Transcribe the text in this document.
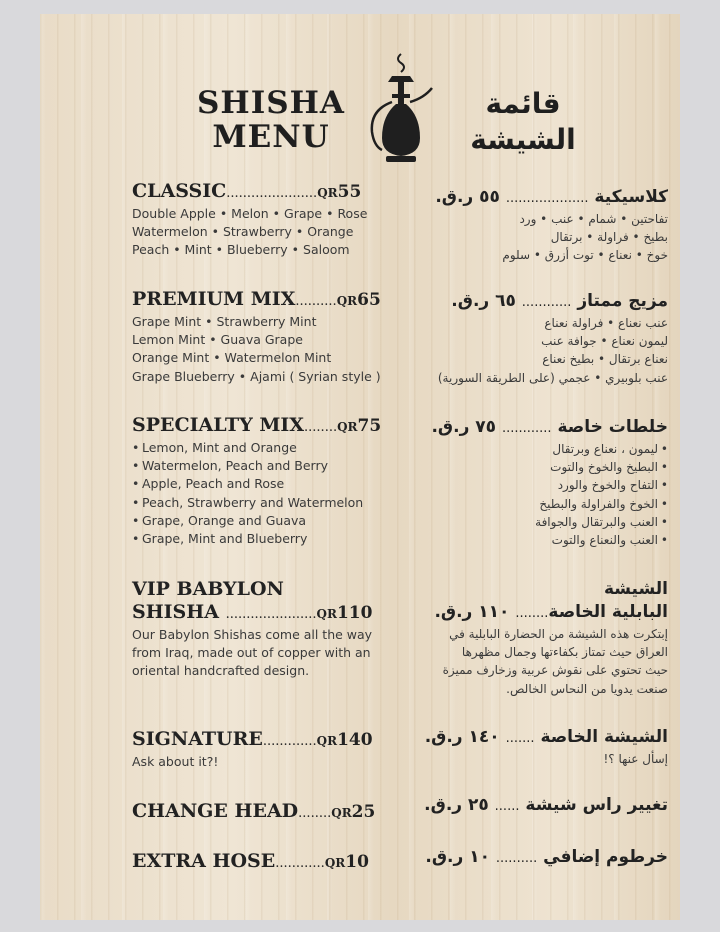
SHISHA
MENU
قائمة
الشيشة
CLASSIC......................QR55
Double Apple • Melon • Grape • Rose
Watermelon • Strawberry • Orange
Peach • Mint • Blueberry • Saloom
كلاسيكية .................... ٥٥ ر.ق.
تفاحتين • شمام • عنب • ورد
بطيخ • فراولة • برتقال
خوخ • نعناع • توت أزرق • سلوم
PREMIUM MIX..........QR65
Grape Mint • Strawberry Mint
Lemon Mint • Guava Grape
Orange Mint • Watermelon Mint
Grape Blueberry • Ajami ( Syrian style )
مزيج ممتاز ............ ٦٥ ر.ق.
عنب نعناع • فراولة نعناع
ليمون نعناع • جوافة عنب
نعناع برتقال • بطيخ نعناع
عنب بلوبيري • عجمي (على الطريقة السورية)
SPECIALTY MIX........QR75
• Lemon, Mint and Orange
• Watermelon, Peach and Berry
• Apple, Peach and Rose
• Peach, Strawberry and Watermelon
• Grape, Orange and Guava
• Grape, Mint and Blueberry
خلطات خاصة ............ ٧٥ ر.ق.
•ليمون ، نعناع وبرتقال
•البطيخ والخوخ والتوت
•التفاح والخوخ والورد
•الخوخ والفراولة والبطيخ
•العنب والبرتقال والجوافة
•العنب والنعناع والتوت
VIP BABYLON
SHISHA ......................QR110
Our Babylon Shishas come all the way
from Iraq, made out of copper with an
oriental handcrafted design.
الشيشة
البابلية الخاصة........ ١١٠ ر.ق.
إبتكرت هذه الشيشة من الحضارة البابلية في
العراق حيث تمتاز بكفاءتها وجمال مظهرها
حيث تحتوي على نقوش عربية وزخارف مميزة
صنعت يدويا من النحاس الخالص.
SIGNATURE.............QR140
Ask about it?!
الشيشة الخاصة ....... ١٤٠ ر.ق.
إسأل عنها ؟!
CHANGE HEAD........QR25	تغيير راس شيشة ...... ٢٥ ر.ق.
EXTRA HOSE............QR10	خرطوم إضافي .......... ١٠ ر.ق.
